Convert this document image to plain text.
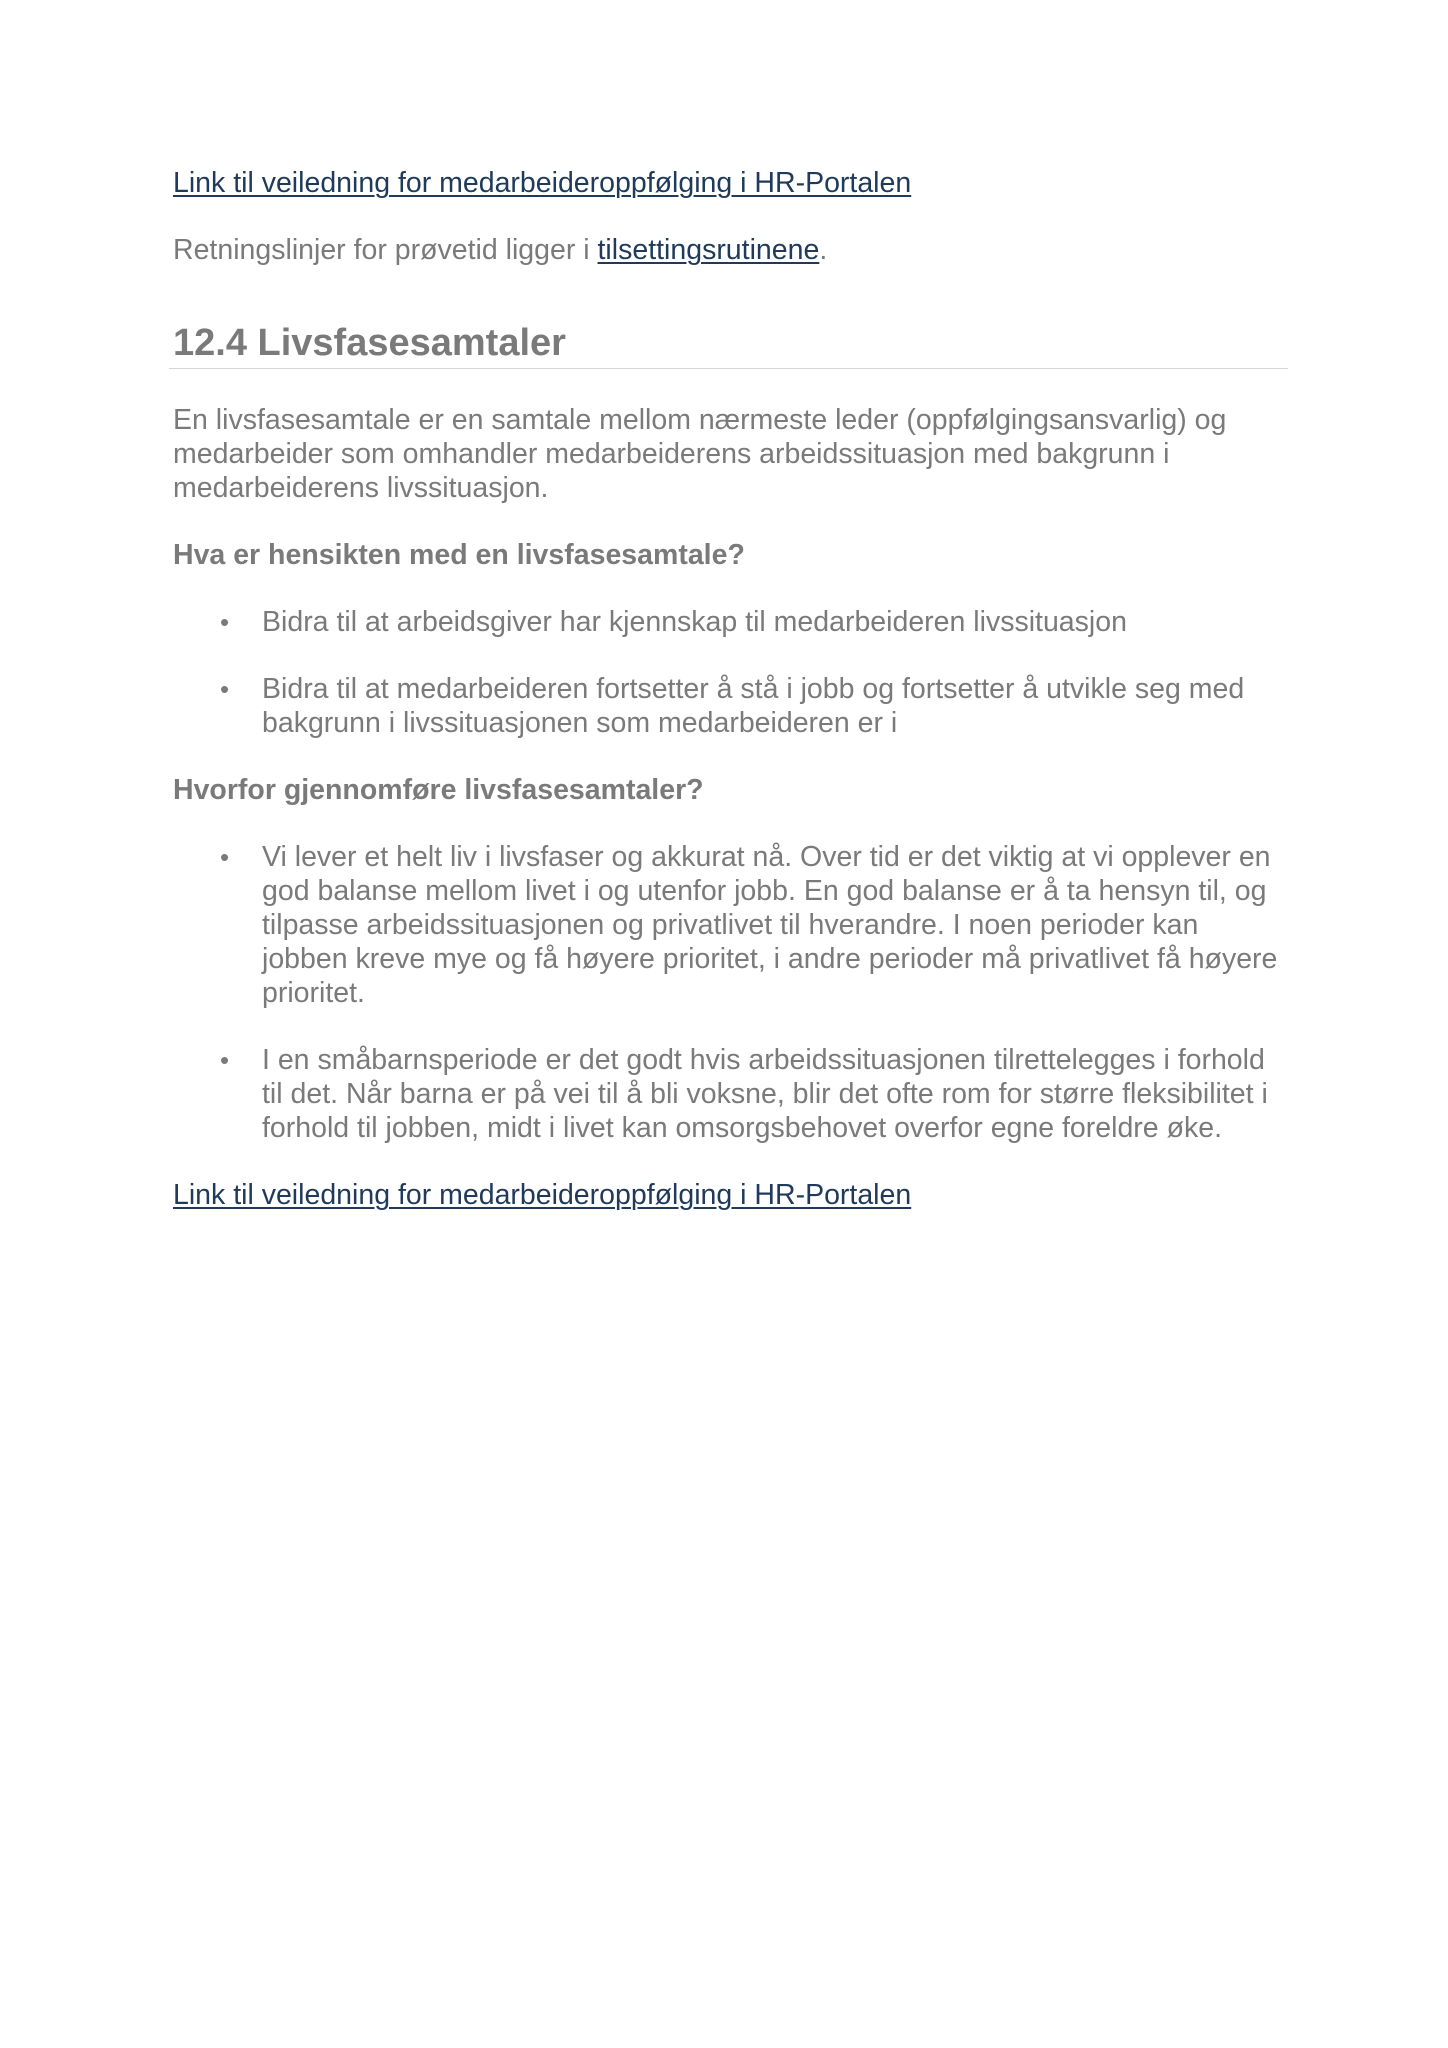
Link til veiledning for medarbeideroppfølging i HR-Portalen

Retningslinjer for prøvetid ligger i tilsettingsrutinene.

12.4 Livsfasesamtaler

En livsfasesamtale er en samtale mellom nærmeste leder (oppfølgingsansvarlig) og medarbeider som omhandler medarbeiderens arbeidssituasjon med bakgrunn i medarbeiderens livssituasjon.

Hva er hensikten med en livsfasesamtale?
• Bidra til at arbeidsgiver har kjennskap til medarbeideren livssituasjon
• Bidra til at medarbeideren fortsetter å stå i jobb og fortsetter å utvikle seg med bakgrunn i livssituasjonen som medarbeideren er i
Hvorfor gjennomføre livsfasesamtaler?
• Vi lever et helt liv i livsfaser og akkurat nå. Over tid er det viktig at vi opplever en god balanse mellom livet i og utenfor jobb. En god balanse er å ta hensyn til, og tilpasse arbeidssituasjonen og privatlivet til hverandre. I noen perioder kan jobben kreve mye og få høyere prioritet, i andre perioder må privatlivet få høyere prioritet.
• I en småbarnsperiode er det godt hvis arbeidssituasjonen tilrettelegges i forhold til det. Når barna er på vei til å bli voksne, blir det ofte rom for større fleksibilitet i forhold til jobben, midt i livet kan omsorgsbehovet overfor egne foreldre øke.

Link til veiledning for medarbeideroppfølging i HR-Portalen
